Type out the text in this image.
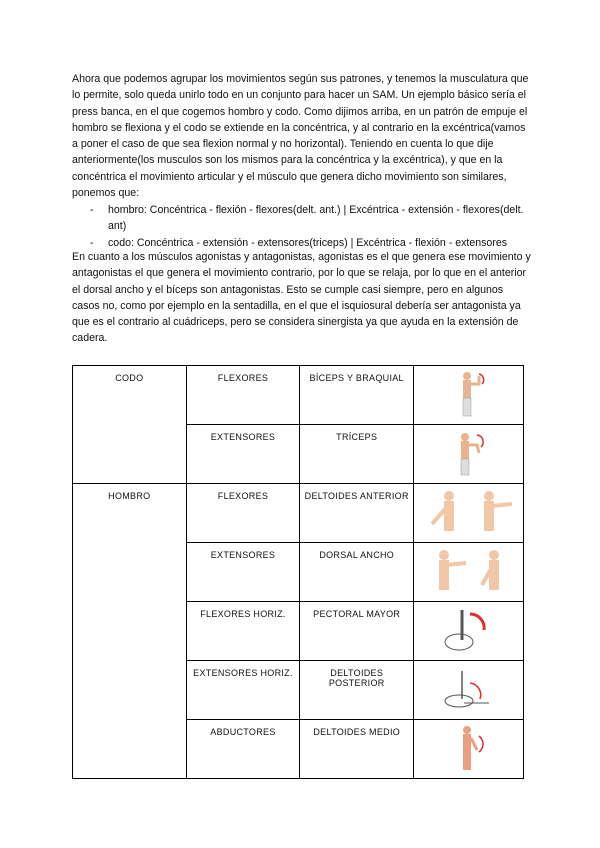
Ahora que podemos agrupar los movimientos según sus patrones, y tenemos la musculatura que lo permite, solo queda unirlo todo en un conjunto para hacer un SAM. Un ejemplo básico sería el press banca, en el que cogemos hombro y codo. Como dijimos arriba, en un patrón de empuje el hombro se flexiona y el codo se extiende en la concéntrica, y al contrario en la excéntrica(vamos a poner el caso de que sea flexion normal y no horizontal). Teniendo en cuenta lo que dije anteriormente(los musculos son los mismos para la concéntrica y la excéntrica), y que en la concéntrica el movimiento articular y el músculo que genera dicho movimiento son similares, ponemos que:
- hombro: Concéntrica - flexión - flexores(delt. ant.) | Excéntrica - extensión - flexores(delt. ant)
- codo: Concéntrica - extensión - extensores(triceps) | Excéntrica - flexión - extensores
En cuanto a los músculos agonistas y antagonistas, agonistas es el que genera ese movimiento y antagonistas el que genera el movimiento contrario, por lo que se relaja, por lo que en el anterior el dorsal ancho y el bíceps son antagonistas. Esto se cumple casi siempre, pero en algunos casos no, como por ejemplo en la sentadilla, en el que el isquiosural debería ser antagonista ya que es el contrario al cuádriceps, pero se considera sinergista ya que ayuda en la extensión de cadera.
CODO	FLEXORES	BÍCEPS Y BRAQUIAL	

	EXTENSORES	TRÍCEPS	

HOMBRO	FLEXORES	DELTOIDES ANTERIOR	

	EXTENSORES	DORSAL ANCHO	

	FLEXORES HORIZ.	PECTORAL MAYOR	

	EXTENSORES HORIZ.	DELTOIDES POSTERIOR	

	ABDUCTORES	DELTOIDES MEDIO	
